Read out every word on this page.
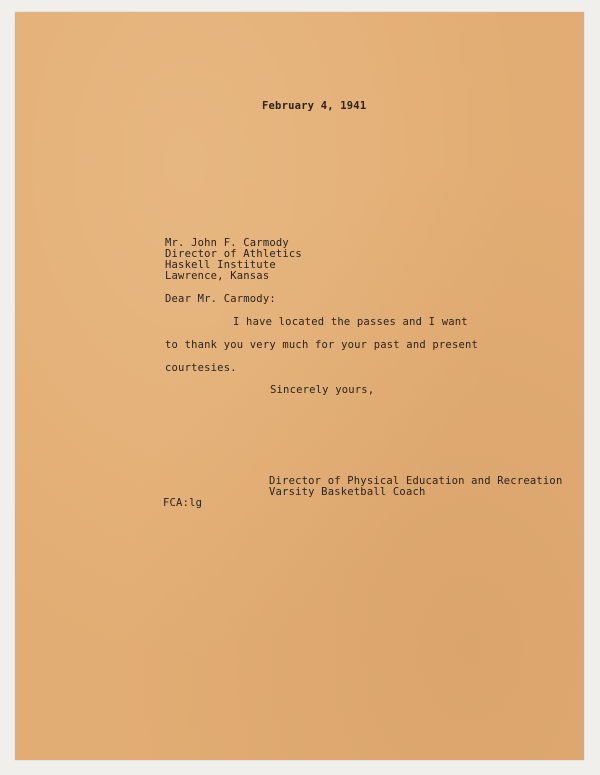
February 4, 1941
Mr. John F. Carmody
Director of Athletics
Haskell Institute
Lawrence, Kansas
Dear Mr. Carmody:
I have located the passes and I want
to thank you very much for your past and present
courtesies.
Sincerely yours,
Director of Physical Education and Recreation
Varsity Basketball Coach
FCA:lg
